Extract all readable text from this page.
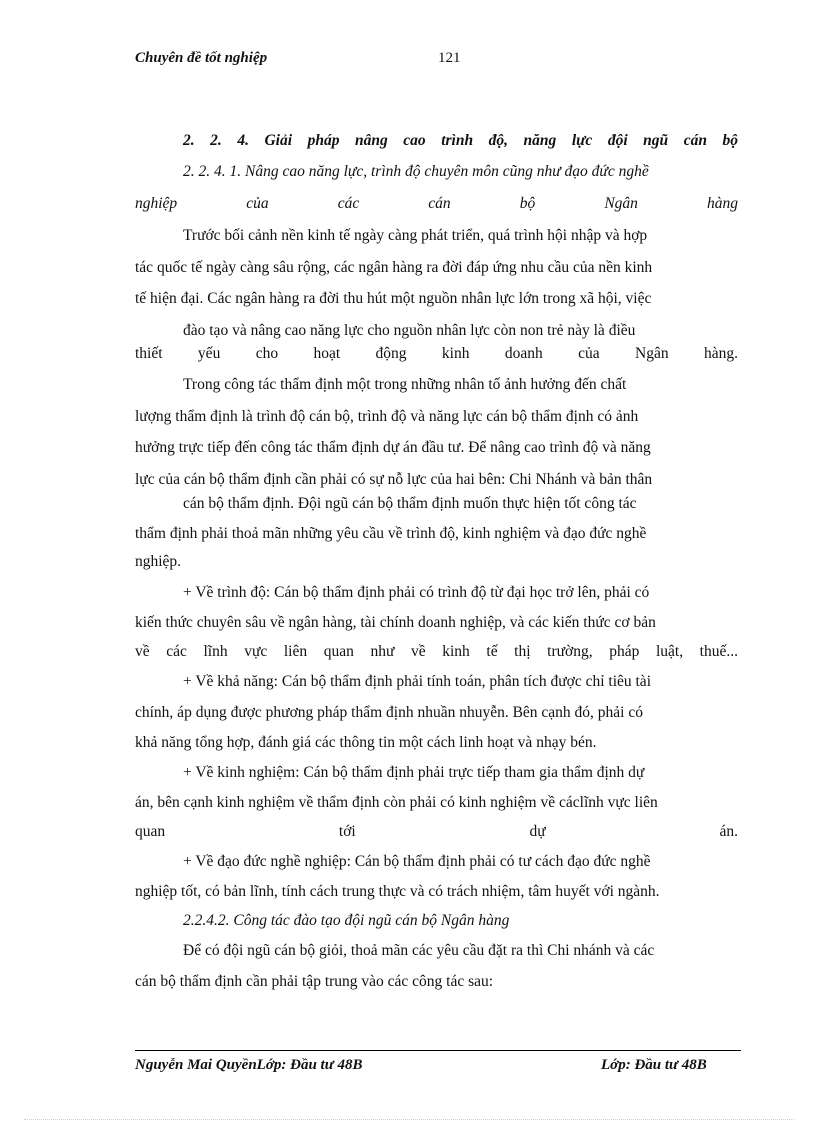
Chuyên đề tốt nghiệp	121
2. 2. 4. Giải pháp nâng cao trình độ, năng lực đội ngũ cán bộ
2. 2. 4. 1. Nâng cao năng lực, trình độ chuyên môn cũng như đạo đức nghề
nghiệp của các cán bộ Ngân hàng
Trước bối cảnh nền kinh tế ngày càng phát triển, quá trình hội nhập và hợp
tác quốc tế ngày càng sâu rộng, các ngân hàng ra đời đáp ứng nhu cầu của nền kinh
tế hiện đại. Các ngân hàng ra đời thu hút một nguồn nhân lực lớn trong xã hội, việc
đào tạo và nâng cao năng lực cho nguồn nhân lực còn non trẻ này là điều
thiết yếu cho hoạt động kinh doanh của Ngân hàng.
Trong công tác thẩm định một trong những nhân tố ảnh hưởng đến chất
lượng thẩm định là trình độ cán bộ, trình độ và năng lực cán bộ thẩm định có ảnh
hưởng trực tiếp đến công tác thẩm định dự án đầu tư. Để nâng cao trình độ và năng
lực của cán bộ thẩm định cần phải có sự nỗ lực của hai bên: Chi Nhánh và bản thân
cán bộ thẩm định. Đội ngũ cán bộ thẩm định muốn thực hiện tốt công tác
thẩm định phải thoả mãn những yêu cầu về trình độ, kinh nghiệm và đạo đức nghề
nghiệp.
+ Về trình độ: Cán bộ thẩm định phải có trình độ từ đại học trở lên, phải có
kiến thức chuyên sâu về ngân hàng, tài chính doanh nghiệp, và các kiến thức cơ bản
về các lĩnh vực liên quan như về kinh tế thị trường, pháp luật, thuế...
+ Về khả năng: Cán bộ thẩm định phải tính toán, phân tích được chỉ tiêu tài
chính, áp dụng được phương pháp thẩm định nhuần nhuyễn. Bên cạnh đó, phải có
khả năng tổng hợp, đánh giá các thông tin một cách linh hoạt và nhạy bén.
+ Về kinh nghiệm: Cán bộ thẩm định phải trực tiếp tham gia thẩm định dự
án, bên cạnh kinh nghiệm về thẩm định còn phải có kinh nghiệm về cáclĩnh vực liên
quan tới dự án.
+ Về đạo đức nghề nghiệp: Cán bộ thẩm định phải có tư cách đạo đức nghề
nghiệp tốt, có bản lĩnh, tính cách trung thực và có trách nhiệm, tâm huyết với ngành.
2.2.4.2. Công tác đào tạo đội ngũ cán bộ Ngân hàng
Để có đội ngũ cán bộ giỏi, thoả mãn các yêu cầu đặt ra thì Chi nhánh và các
cán bộ thẩm định cần phải tập trung vào các công tác sau:
Nguyễn Mai QuyềnLớp: Đầu tư 48B	Lớp: Đầu tư 48B
